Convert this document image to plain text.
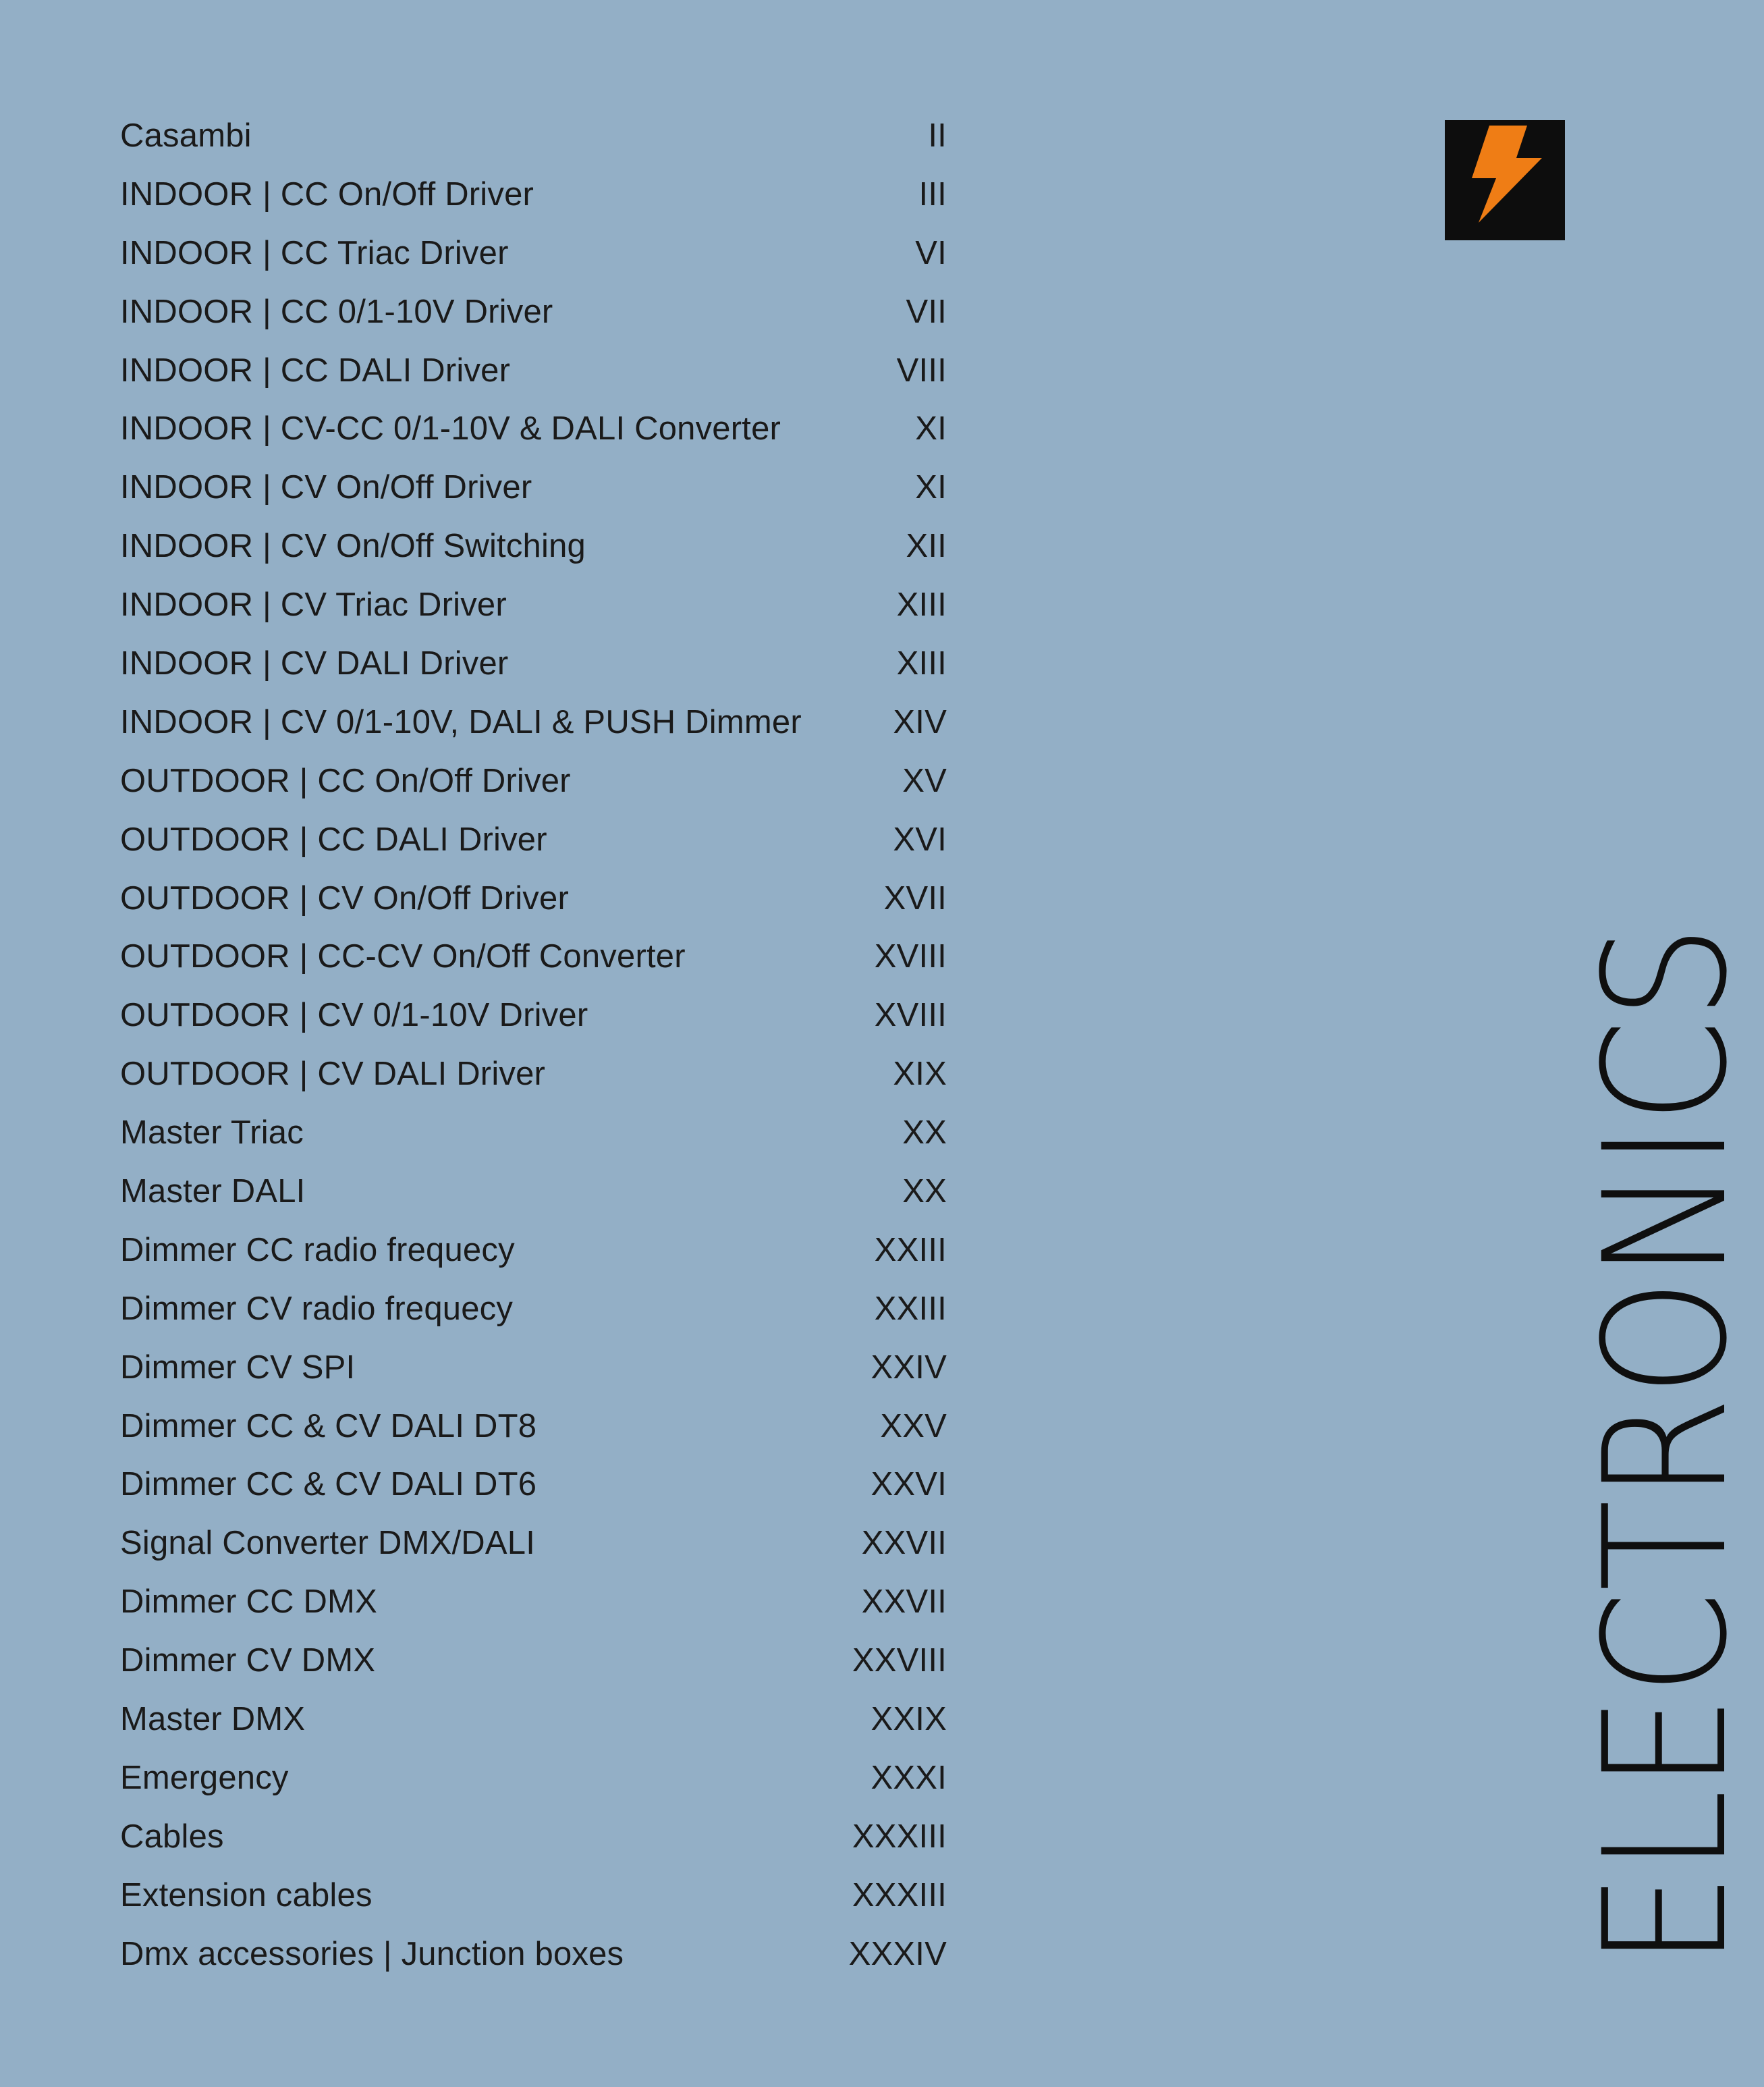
Casambi	II
INDOOR | CC On/Off Driver	III
INDOOR | CC Triac Driver	VI
INDOOR | CC 0/1-10V Driver	VII
INDOOR | CC DALI Driver	VIII
INDOOR | CV-CC 0/1-10V & DALI Converter	XI
INDOOR | CV On/Off Driver	XI
INDOOR | CV On/Off Switching	XII
INDOOR | CV Triac Driver	XIII
INDOOR | CV DALI Driver	XIII
INDOOR | CV 0/1-10V, DALI & PUSH Dimmer	XIV
OUTDOOR | CC On/Off Driver	XV
OUTDOOR | CC DALI Driver	XVI
OUTDOOR | CV On/Off Driver	XVII
OUTDOOR | CC-CV On/Off Converter	XVIII
OUTDOOR | CV 0/1-10V Driver	XVIII
OUTDOOR | CV DALI Driver	XIX
Master Triac	XX
Master DALI	XX
Dimmer CC radio frequecy	XXIII
Dimmer CV radio frequecy	XXIII
Dimmer CV SPI	XXIV
Dimmer CC & CV DALI DT8	XXV
Dimmer CC & CV DALI DT6	XXVI
Signal Converter DMX/DALI	XXVII
Dimmer CC DMX	XXVII
Dimmer CV DMX	XXVIII
Master DMX	XXIX
Emergency	XXXI
Cables	XXXIII
Extension cables	XXXIII
Dmx accessories | Junction boxes	XXXIV	ELECTRONICS
